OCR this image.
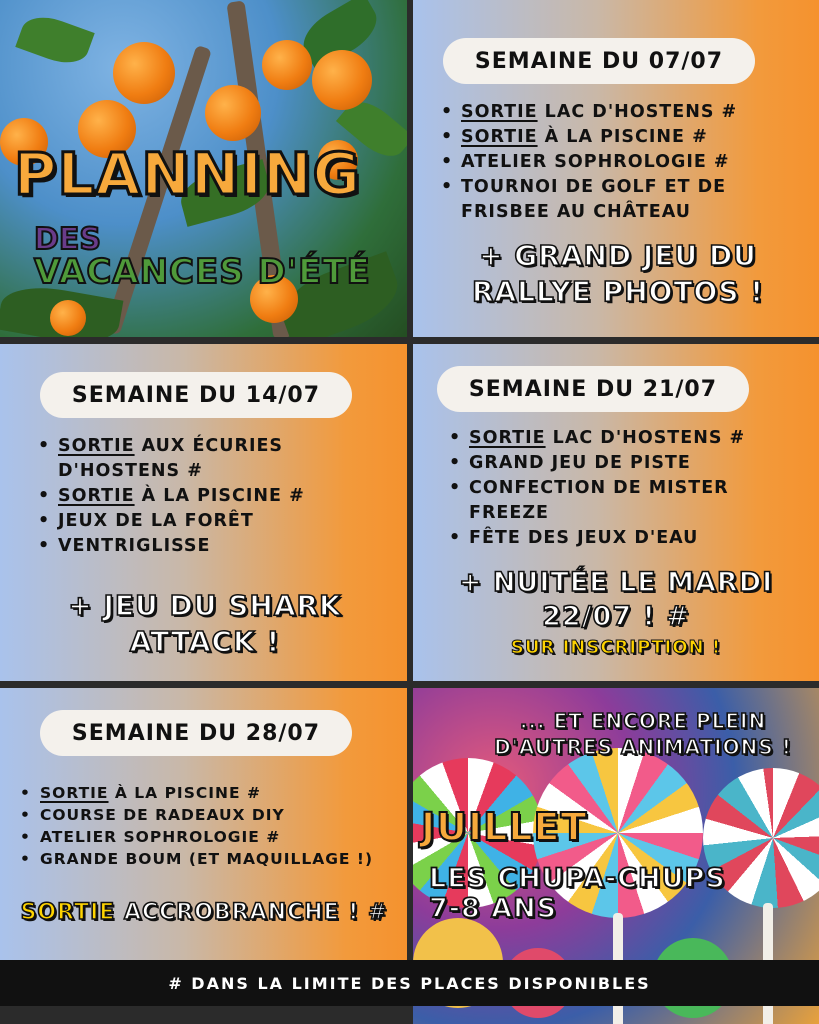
PLANNING
DES
VACANCES D'ÉTÉ
SEMAINE DU 07/07
• SORTIE LAC D'HOSTENS #
• SORTIE À LA PISCINE #
• ATELIER SOPHROLOGIE #
• TOURNOI DE GOLF ET DE FRISBEE AU CHÂTEAU
+ GRAND JEU DU RALLYE PHOTOS !
SEMAINE DU 14/07
• SORTIE AUX ÉCURIES D'HOSTENS #
• SORTIE À LA PISCINE #
• JEUX DE LA FORÊT
• VENTRIGLISSE
+ JEU DU SHARK ATTACK !
SEMAINE DU 21/07
• SORTIE LAC D'HOSTENS #
• GRAND JEU DE PISTE
• CONFECTION DE MISTER FREEZE
• FÊTE DES JEUX D'EAU
+ NUITÉE LE MARDI 22/07 ! #
SUR INSCRIPTION !
SEMAINE DU 28/07
• SORTIE À LA PISCINE #
• COURSE DE RADEAUX DIY
• ATELIER SOPHROLOGIE #
• GRANDE BOUM (ET MAQUILLAGE !)
SORTIE ACCROBRANCHE ! #
... ET ENCORE PLEIN D'AUTRES ANIMATIONS !
JUILLET
LES CHUPA-CHUPS
7-8 ANS
# DANS LA LIMITE DES PLACES DISPONIBLES
